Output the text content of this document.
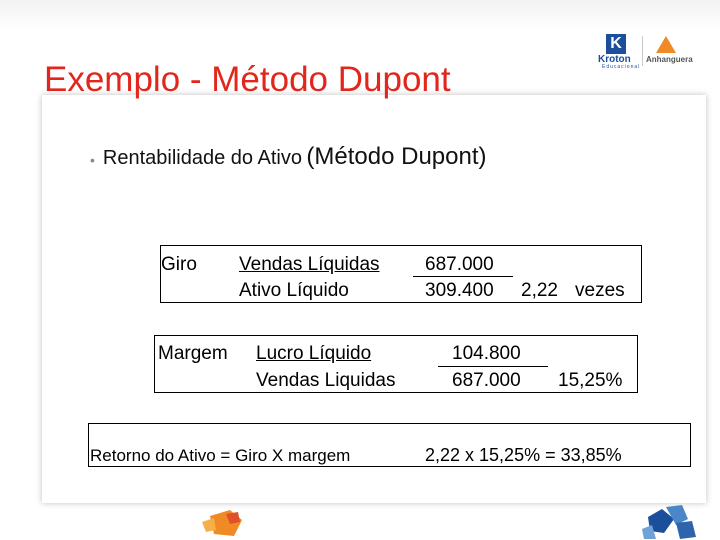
K
Kroton
Educacional
Anhanguera
Exemplo - Método Dupont
• Rentabilidade do Ativo (Método Dupont)
Giro Vendas Líquidas
Ativo Líquido
687.000
309.400 2,22 vezes
Margem Lucro Líquido
Vendas Liquidas
104.800
687.000 15,25%
Retorno do Ativo = Giro X margem	2,22 x 15,25% = 33,85%
